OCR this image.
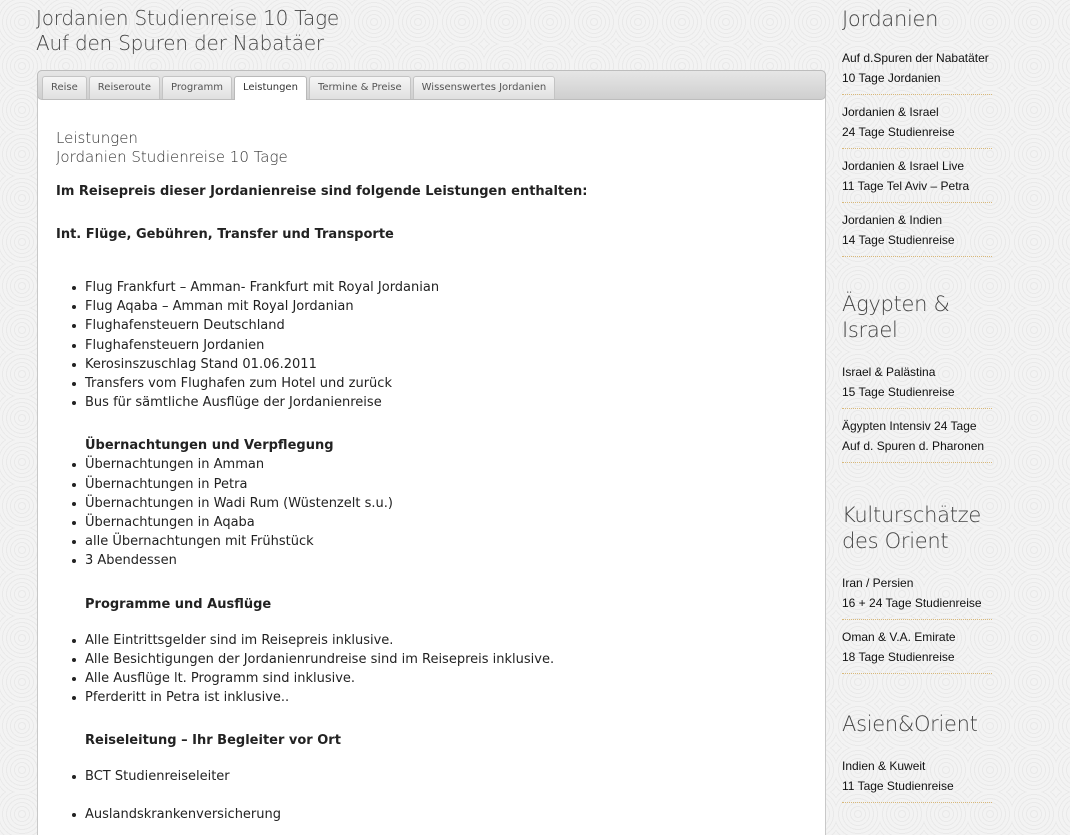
Jordanien Studienreise 10 Tage
Auf den Spuren der Nabatäer
Reise	Reiseroute	Programm	Leistungen	Termine & Preise	Wissenswertes Jordanien
Leistungen
Jordanien Studienreise 10 Tage
Im Reisepreis dieser Jordanienreise sind folgende Leistungen enthalten:
Int. Flüge, Gebühren, Transfer und Transporte
Flug Frankfurt – Amman- Frankfurt mit Royal Jordanian
Flug Aqaba – Amman mit Royal Jordanian
Flughafensteuern Deutschland
Flughafensteuern Jordanien
Kerosinszuschlag Stand 01.06.2011
Transfers vom Flughafen zum Hotel und zurück
Bus für sämtliche Ausflüge der Jordanienreise
Übernachtungen und Verpflegung
Übernachtungen in Amman
Übernachtungen in Petra
Übernachtungen in Wadi Rum (Wüstenzelt s.u.)
Übernachtungen in Aqaba
alle Übernachtungen mit Frühstück
3 Abendessen
Programme und Ausflüge
Alle Eintrittsgelder sind im Reisepreis inklusive.
Alle Besichtigungen der Jordanienrundreise sind im Reisepreis inklusive.
Alle Ausflüge lt. Programm sind inklusive.
Pferderitt in Petra ist inklusive..
Reiseleitung – Ihr Begleiter vor Ort
BCT Studienreiseleiter
Auslandskrankenversicherung
Jordanien
Auf d.Spuren der Nabatäter
10 Tage Jordanien
Jordanien & Israel
24 Tage Studienreise
Jordanien & Israel Live
11 Tage Tel Aviv – Petra
Jordanien & Indien
14 Tage Studienreise
Ägypten &
Israel
Israel & Palästina
15 Tage Studienreise
Ägypten Intensiv 24 Tage
Auf d. Spuren d. Pharonen
Kulturschätze
des Orient
Iran / Persien
16 + 24 Tage Studienreise
Oman & V.A. Emirate
18 Tage Studienreise
Asien&Orient
Indien & Kuweit
11 Tage Studienreise
